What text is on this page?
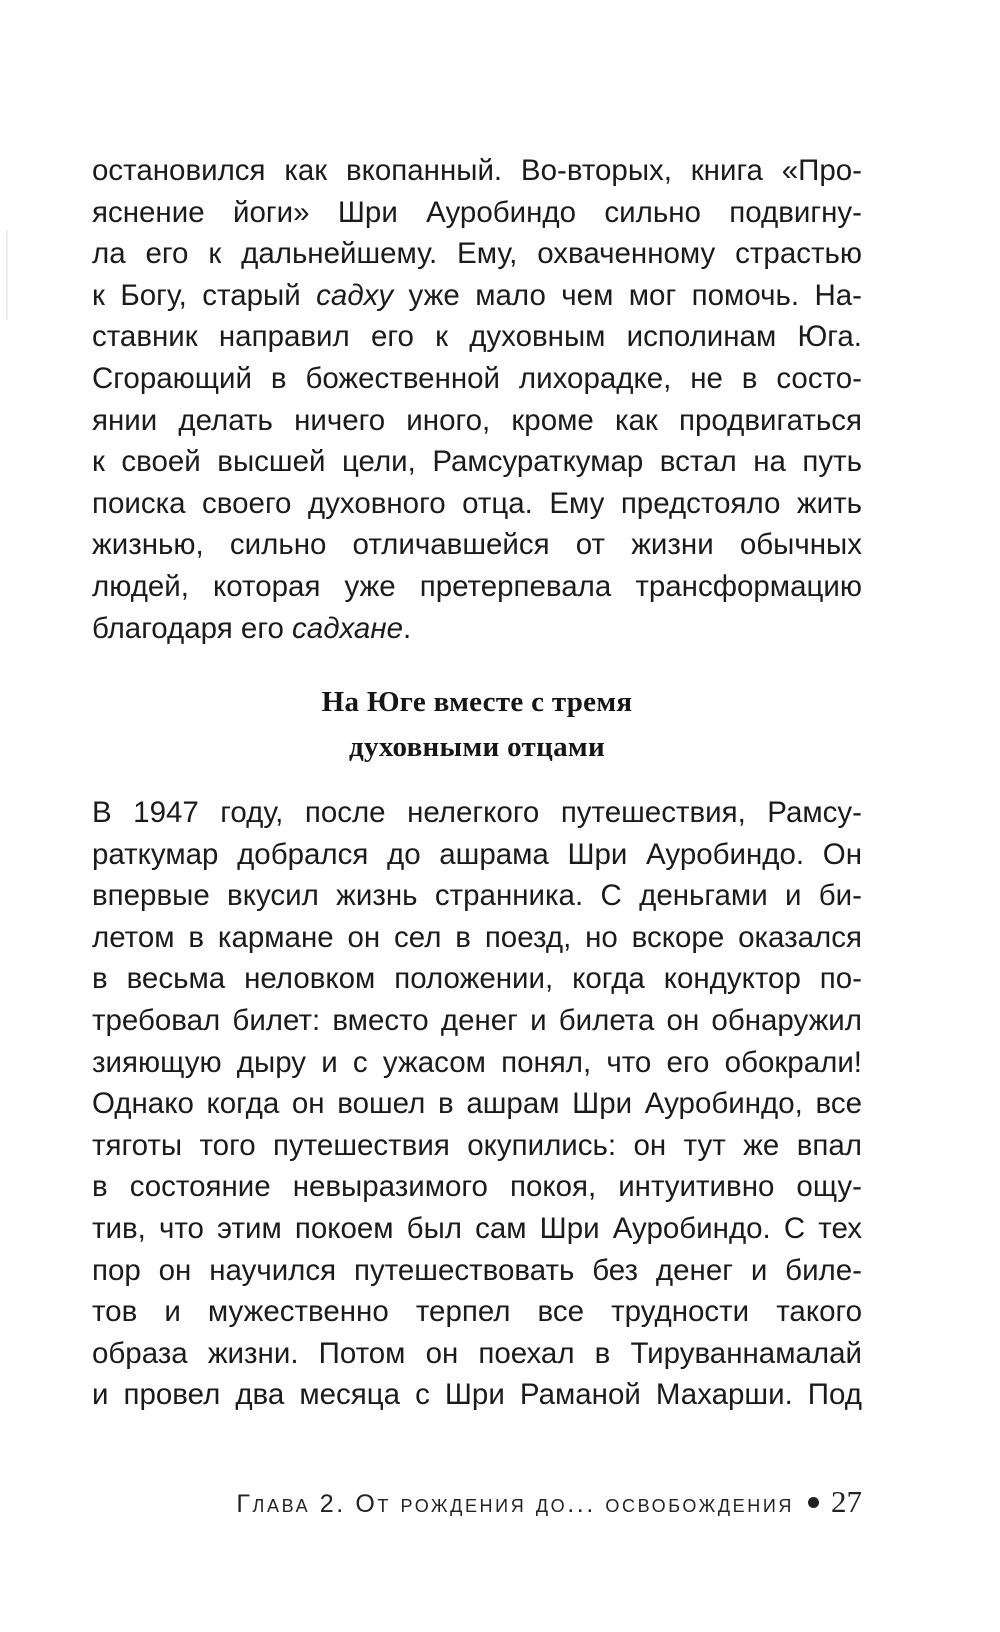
остановился как вкопанный. Во-вторых, книга «Про-
яснение йоги» Шри Ауробиндо сильно подвигну-
ла его к дальнейшему. Ему, охваченному страстью
к Богу, старый садху уже мало чем мог помочь. На-
ставник направил его к духовным исполинам Юга.
Сгорающий в божественной лихорадке, не в состо-
янии делать ничего иного, кроме как продвигаться
к своей высшей цели, Рамсураткумар встал на путь
поиска своего духовного отца. Ему предстояло жить
жизнью, сильно отличавшейся от жизни обычных
людей, которая уже претерпевала трансформацию
благодаря его садхане.
На Юге вместе с тремя
духовными отцами
В 1947 году, после нелегкого путешествия, Рамсу-
раткумар добрался до ашрама Шри Ауробиндо. Он
впервые вкусил жизнь странника. С деньгами и би-
летом в кармане он сел в поезд, но вскоре оказался
в весьма неловком положении, когда кондуктор по-
требовал билет: вместо денег и билета он обнаружил
зияющую дыру и с ужасом понял, что его обокрали!
Однако когда он вошел в ашрам Шри Ауробиндо, все
тяготы того путешествия окупились: он тут же впал
в состояние невыразимого покоя, интуитивно ощу-
тив, что этим покоем был сам Шри Ауробиндо. С тех
пор он научился путешествовать без денег и биле-
тов и мужественно терпел все трудности такого
образа жизни. Потом он поехал в Тируваннамалай
и провел два месяца с Шри Раманой Махарши. Под
Глава 2. От рождения до... освобождения 27
